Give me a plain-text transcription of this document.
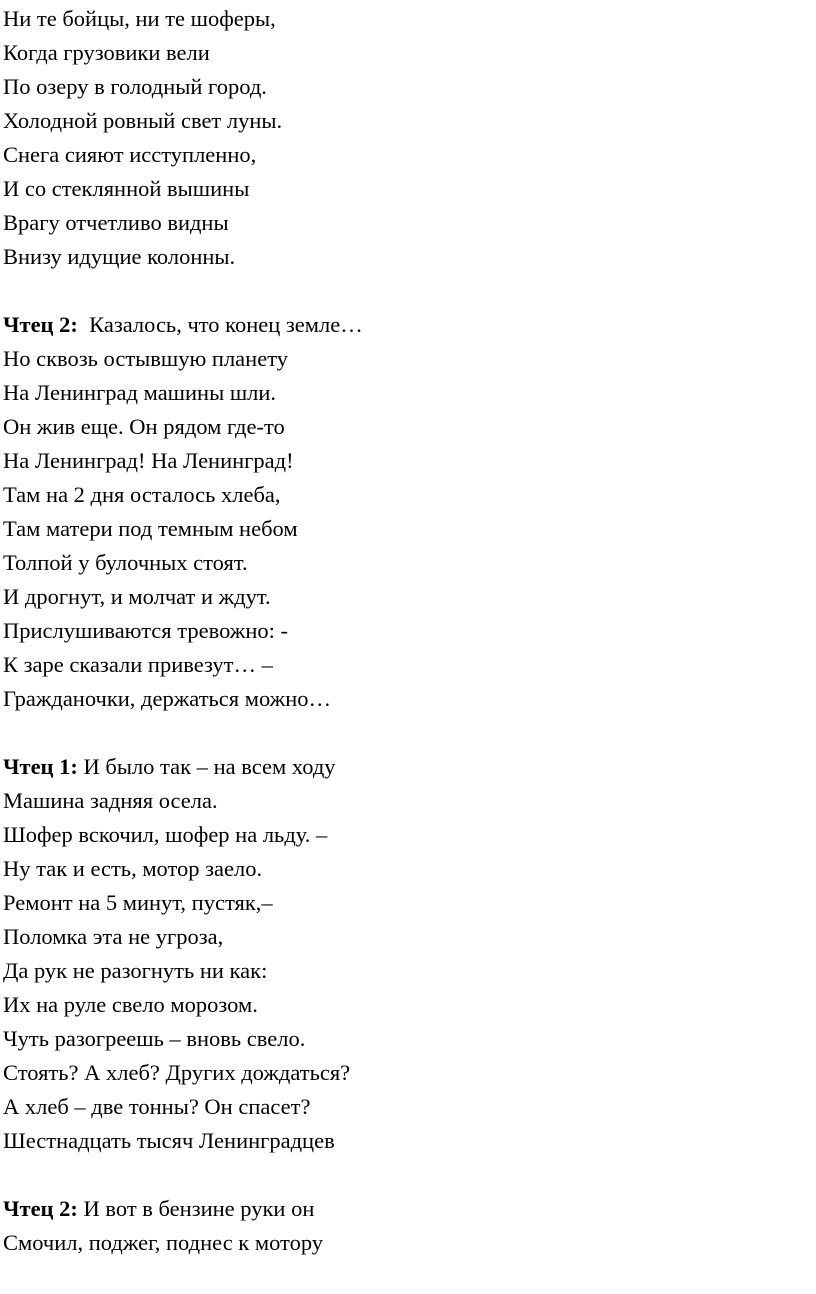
Ни те бойцы, ни те шоферы,
Когда грузовики вели
По озеру в голодный город.
Холодной ровный свет луны.
Снега сияют исступленно,
И со стеклянной вышины
Врагу отчетливо видны
Внизу идущие колонны.
Чтец 2:  Казалось, что конец земле…
Но сквозь остывшую планету
На Ленинград машины шли.
Он жив еще. Он рядом где-то
На Ленинград! На Ленинград!
Там на 2 дня осталось хлеба,
Там матери под темным небом
Толпой у булочных стоят.
И дрогнут, и молчат и ждут.
Прислушиваются тревожно: -
К заре сказали привезут… –
Гражданочки, держаться можно…
Чтец 1: И было так – на всем ходу
Машина задняя осела.
Шофер вскочил, шофер на льду. –
Ну так и есть, мотор заело.
Ремонт на 5 минут, пустяк,–
Поломка эта не угроза,
Да рук не разогнуть ни как:
Их на руле свело морозом.
Чуть разогреешь – вновь свело.
Стоять? А хлеб? Других дождаться?
А хлеб – две тонны? Он спасет?
Шестнадцать тысяч Ленинградцев
Чтец 2: И вот в бензине руки он
Смочил, поджег, поднес к мотору
